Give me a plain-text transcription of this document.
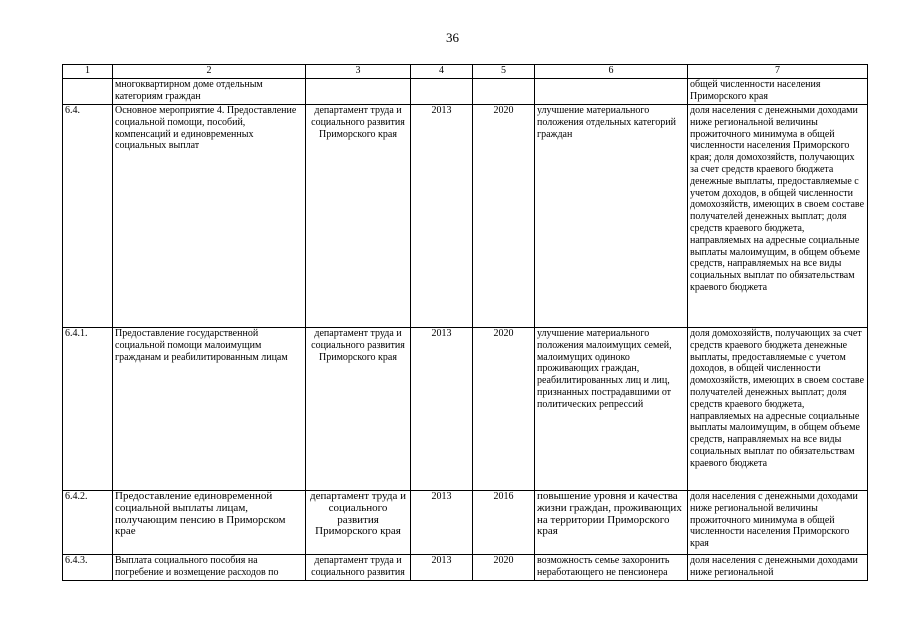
36
1	2	3	4	5	6	7
	многоквартирном доме отдельным категориям граждан					общей численности населения Приморского края
6.4.	Основное мероприятие 4. Предоставление социальной помощи, пособий, компенсаций и единовременных социальных выплат	департамент труда и социального развития Приморского края	2013	2020	улучшение материального положения отдельных категорий граждан	доля населения с денежными доходами ниже региональной величины прожиточного минимума в общей численности населения Приморского края; доля домохозяйств, получающих за счет средств краевого бюджета денежные выплаты, предоставляемые с учетом доходов, в общей численности домохозяйств, имеющих в своем составе получателей денежных выплат; доля средств краевого бюджета, направляемых на адресные социальные выплаты малоимущим, в общем объеме средств, направляемых на все виды социальных выплат по обязательствам краевого бюджета
6.4.1.	Предоставление государственной социальной помощи малоимущим гражданам и реабилитированным лицам	департамент труда и социального развития Приморского края	2013	2020	улучшение материального положения малоимущих семей, малоимущих одиноко проживающих граждан, реабилитированных лиц и лиц, признанных пострадавшими от политических репрессий	доля домохозяйств, получающих за счет средств краевого бюджета денежные выплаты, предоставляемые с учетом доходов, в общей численности домохозяйств, имеющих в своем составе получателей денежных выплат; доля средств краевого бюджета, направляемых на адресные социальные выплаты малоимущим, в общем объеме средств, направляемых на все виды социальных выплат по обязательствам краевого бюджета
6.4.2.	Предоставление единовременной социальной выплаты лицам, получающим пенсию в Приморском крае	департамент труда и социального развития Приморского края	2013	2016	повышение уровня и качества жизни граждан, проживающих на территории Приморского края	доля населения с денежными доходами ниже региональной величины прожиточного минимума в общей численности населения Приморского края
6.4.3.	Выплата социального пособия на погребение и возмещение расходов по	департамент труда и социального развития	2013	2020	возможность семье захоронить неработающего не пенсионера	доля населения с денежными доходами ниже региональной
